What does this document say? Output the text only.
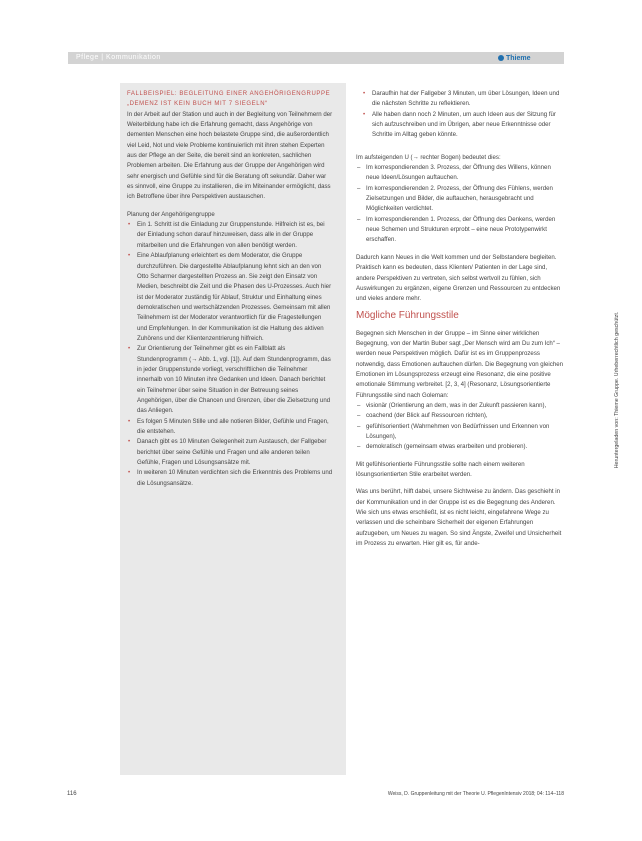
Pflege | Kommunikation	Thieme

FALLBEISPIEL: BEGLEITUNG EINER ANGEHÖRIGENGRUPPE „DEMENZ IST KEIN BUCH MIT 7 SIEGELN“

In der Arbeit auf der Station und auch in der Begleitung von Teilnehmern der Weiterbildung habe ich die Erfahrung gemacht, dass Angehörige von dementen Menschen eine hoch belastete Gruppe sind, die außerordentlich viel Leid, Not und viele Probleme kontinuierlich mit ihren stehen Experten aus der Pflege an der Seite, die bereit sind an konkreten, sachlichen Problemen arbeiten. Die Erfahrung aus der Gruppe der Angehörigen wird sehr energisch und Gefühle sind für die Beratung oft sekundär. Daher war es sinnvoll, eine Gruppe zu installieren, die im Miteinander ermöglicht, dass ich Betroffene über ihre Perspektiven austauschen.

Planung der Angehörigengruppe

• Ein 1. Schritt ist die Einladung zur Gruppenstunde. Hilfreich ist es, bei der Einladung schon darauf hinzuweisen, dass alle in der Gruppe mitarbeiten und die Erfahrungen von allen benötigt werden.
• Eine Ablaufplanung erleichtert es dem Moderator, die Gruppe durchzuführen. Die dargestellte Ablaufplanung lehnt sich an den von Otto Scharmer dargestellten Prozess an. Sie zeigt den Einsatz von Medien, beschreibt die Zeit und die Phasen des U-Prozesses. Auch hier ist der Moderator zuständig für Ablauf, Struktur und Einhaltung eines demokratischen und wertschätzenden Prozesses. Gemeinsam mit allen Teilnehmern ist der Moderator verantwortlich für die Fragestellungen und Empfehlungen. In der Kommunikation ist die Haltung des aktiven Zuhörens und der Klientenzentrierung hilfreich.
• Zur Orientierung der Teilnehmer gibt es ein Fallblatt als Stundenprogramm (→ Abb. 1, vgl. [1]). Auf dem Stundenprogramm, das in jeder Gruppenstunde vorliegt, verschriftlichen die Teilnehmer innerhalb von 10 Minuten ihre Gedanken und Ideen. Danach berichtet ein Teilnehmer über seine Situation in der Betreuung seines Angehörigen, über die Chancen und Grenzen, über die Zielsetzung und das Anliegen.
• Es folgen 5 Minuten Stille und alle notieren Bilder, Gefühle und Fragen, die entstehen.
• Danach gibt es 10 Minuten Gelegenheit zum Austausch, der Fallgeber berichtet über seine Gefühle und Fragen und alle anderen teilen Gefühle, Fragen und Lösungsansätze mit.
• In weiteren 10 Minuten verdichten sich die Erkenntnis des Problems und die Lösungsansätze.
• Daraufhin hat der Fallgeber 3 Minuten, um über Lösungen, Ideen und die nächsten Schritte zu reflektieren.
• Alle haben dann noch 2 Minuten, um auch Ideen aus der Sitzung für sich aufzuschreiben und im Übrigen, aber neue Erkenntnisse oder Schritte im Alltag geben könnte.

Im aufsteigenden U (→ rechter Bogen) bedeutet dies:

– Im korrespondierenden 3. Prozess, der Öffnung des Willens, können neue Ideen/Lösungen auftauchen.
– Im korrespondierenden 2. Prozess, der Öffnung des Fühlens, werden Zielsetzungen und Bilder, die auftauchen, herausgebracht und Möglichkeiten verdichtet.
– Im korrespondierenden 1. Prozess, der Öffnung des Denkens, werden neue Schemen und Strukturen erprobt – eine neue Prototypenwirkt erschaffen.

Dadurch kann Neues in die Welt kommen und der Selbstandere begleiten. Praktisch kann es bedeuten, dass Klienten/ Patienten in der Lage sind, andere Perspektiven zu vertreten, sich selbst wertvoll zu fühlen, sich Auswirkungen zu ergänzen, eigene Grenzen und Ressourcen zu entdecken und vieles andere mehr.

Mögliche Führungsstile

Begegnen sich Menschen in der Gruppe – im Sinne einer wirklichen Begegnung, von der Martin Buber sagt „Der Mensch wird am Du zum Ich“ – werden neue Perspektiven möglich. Dafür ist es im Gruppenprozess notwendig, dass Emotionen auftauchen dürfen. Die Begegnung von gleichen Emotionen im Lösungsprozess erzeugt eine Resonanz, die eine positive emotionale Stimmung verbreitet. [2, 3, 4] (Resonanz, Lösungsorientierte Führungsstile sind nach Goleman:

– visionär (Orientierung an dem, was in der Zukunft passieren kann),
– coachend (der Blick auf Ressourcen richten),
– gefühlsorientiert (Wahrnehmen von Bedürfnissen und Erkennen von Lösungen),
– demokratisch (gemeinsam etwas erarbeiten und probieren).

Mit gefühlsorientierte Führungsstile sollte nach einem weiteren lösungsorientierten Stile erarbeitet werden.

Was uns berührt, hilft dabei, unsere Sichtweise zu ändern. Das geschieht in der Kommunikation und in der Gruppe ist es die Begegnung des Anderen. Wie sich uns etwas erschließt, ist es nicht leicht, eingefahrene Wege zu verlassen und die scheinbare Sicherheit der eigenen Erfahrungen aufzugeben, um Neues zu wagen. So sind Ängste, Zweifel und Unsicherheit im Prozess zu erwarten. Hier gilt es, für ande-

116	Weiss, D. Gruppenleitung mit der Theorie U. PflegenIntensiv 2018; 04: 114–118
Heruntergeladen von: Thieme Gruppe. Urheberrechtlich geschützt.
